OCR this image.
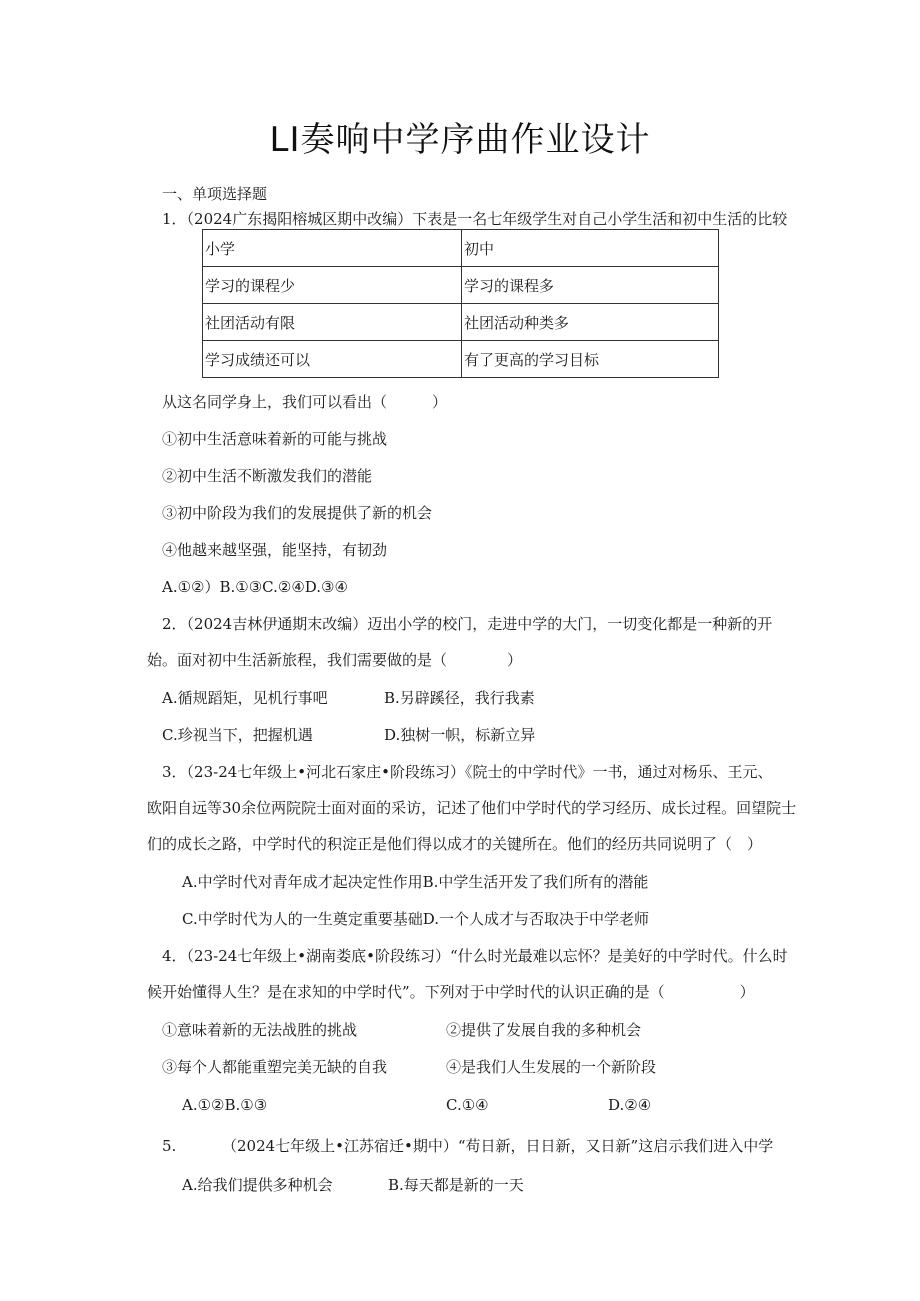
LI奏响中学序曲作业设计
一、单项选择题
1．（2024广东揭阳榕城区期中改编）下表是一名七年级学生对自己小学生活和初中生活的比较
小学	初中
学习的课程少	学习的课程多
社团活动有限	社团活动种类多
学习成绩还可以	有了更高的学习目标
从这名同学身上，我们可以看出（　　　）
①初中生活意味着新的可能与挑战
②初中生活不断激发我们的潜能
③初中阶段为我们的发展提供了新的机会
④他越来越坚强，能坚持，有韧劲
A.①②）B.①③C.②④D.③④
2．（2024吉林伊通期末改编）迈出小学的校门，走进中学的大门，一切变化都是一种新的开
始。面对初中生活新旅程，我们需要做的是（　　　　）
A.循规蹈矩，见机行事吧	B.另辟蹊径，我行我素
C.珍视当下，把握机遇	D.独树一帜，标新立异
3．（23-24七年级上•河北石家庄•阶段练习）《院士的中学时代》一书，通过对杨乐、王元、
欧阳自远等30余位两院院士面对面的采访，记述了他们中学时代的学习经历、成长过程。回望院士
们的成长之路，中学时代的积淀正是他们得以成才的关键所在。他们的经历共同说明了（　）
A.中学时代对青年成才起决定性作用B.中学生活开发了我们所有的潜能
C.中学时代为人的一生奠定重要基础D.一个人成才与否取决于中学老师
4．（23-24七年级上•湖南娄底•阶段练习）“什么时光最难以忘怀？是美好的中学时代。什么时
候开始懂得人生？是在求知的中学时代”。下列对于中学时代的认识正确的是（　　　　　）
①意味着新的无法战胜的挑战	②提供了发展自我的多种机会
③每个人都能重塑完美无缺的自我	④是我们人生发展的一个新阶段
A.①②B.①③	C.①④	D.②④
5.	（2024七年级上•江苏宿迁•期中）“苟日新，日日新，又日新”这启示我们进入中学
A.给我们提供多种机会	B.每天都是新的一天
